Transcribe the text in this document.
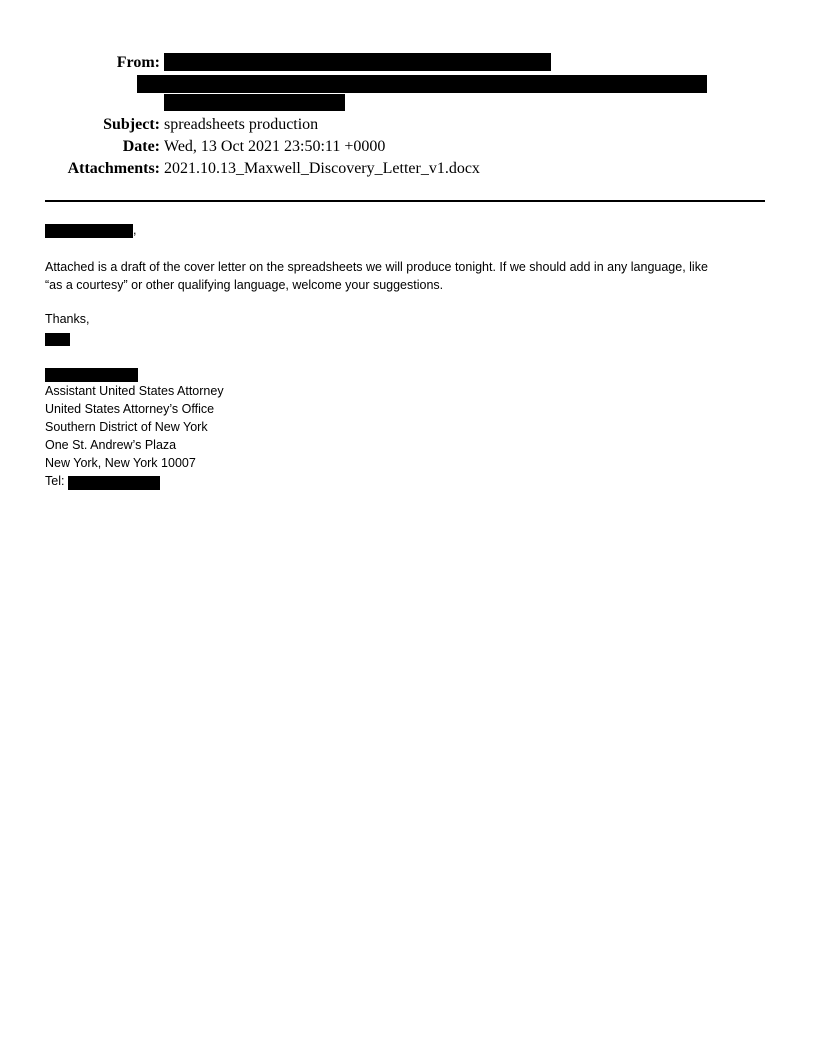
From:
Subject: spreadsheets production
Date: Wed, 13 Oct 2021 23:50:11 +0000
Attachments: 2021.10.13_Maxwell_Discovery_Letter_v1.docx
,
Attached is a draft of the cover letter on the spreadsheets we will produce tonight. If we should add in any language, like
“as a courtesy” or other qualifying language, welcome your suggestions.
Thanks,
Assistant United States Attorney
United States Attorney’s Office
Southern District of New York
One St. Andrew’s Plaza
New York, New York 10007
Tel:
